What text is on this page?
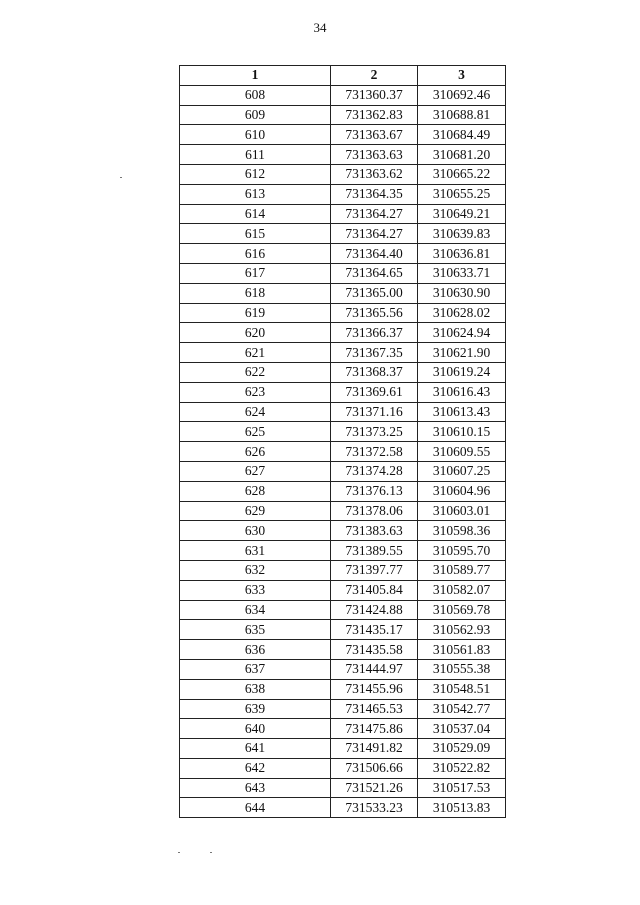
34
1	2	3
608	731360.37	310692.46
609	731362.83	310688.81
610	731363.67	310684.49
611	731363.63	310681.20
612	731363.62	310665.22
613	731364.35	310655.25
614	731364.27	310649.21
615	731364.27	310639.83
616	731364.40	310636.81
617	731364.65	310633.71
618	731365.00	310630.90
619	731365.56	310628.02
620	731366.37	310624.94
621	731367.35	310621.90
622	731368.37	310619.24
623	731369.61	310616.43
624	731371.16	310613.43
625	731373.25	310610.15
626	731372.58	310609.55
627	731374.28	310607.25
628	731376.13	310604.96
629	731378.06	310603.01
630	731383.63	310598.36
631	731389.55	310595.70
632	731397.77	310589.77
633	731405.84	310582.07
634	731424.88	310569.78
635	731435.17	310562.93
636	731435.58	310561.83
637	731444.97	310555.38
638	731455.96	310548.51
639	731465.53	310542.77
640	731475.86	310537.04
641	731491.82	310529.09
642	731506.66	310522.82
643	731521.26	310517.53
644	731533.23	310513.83
